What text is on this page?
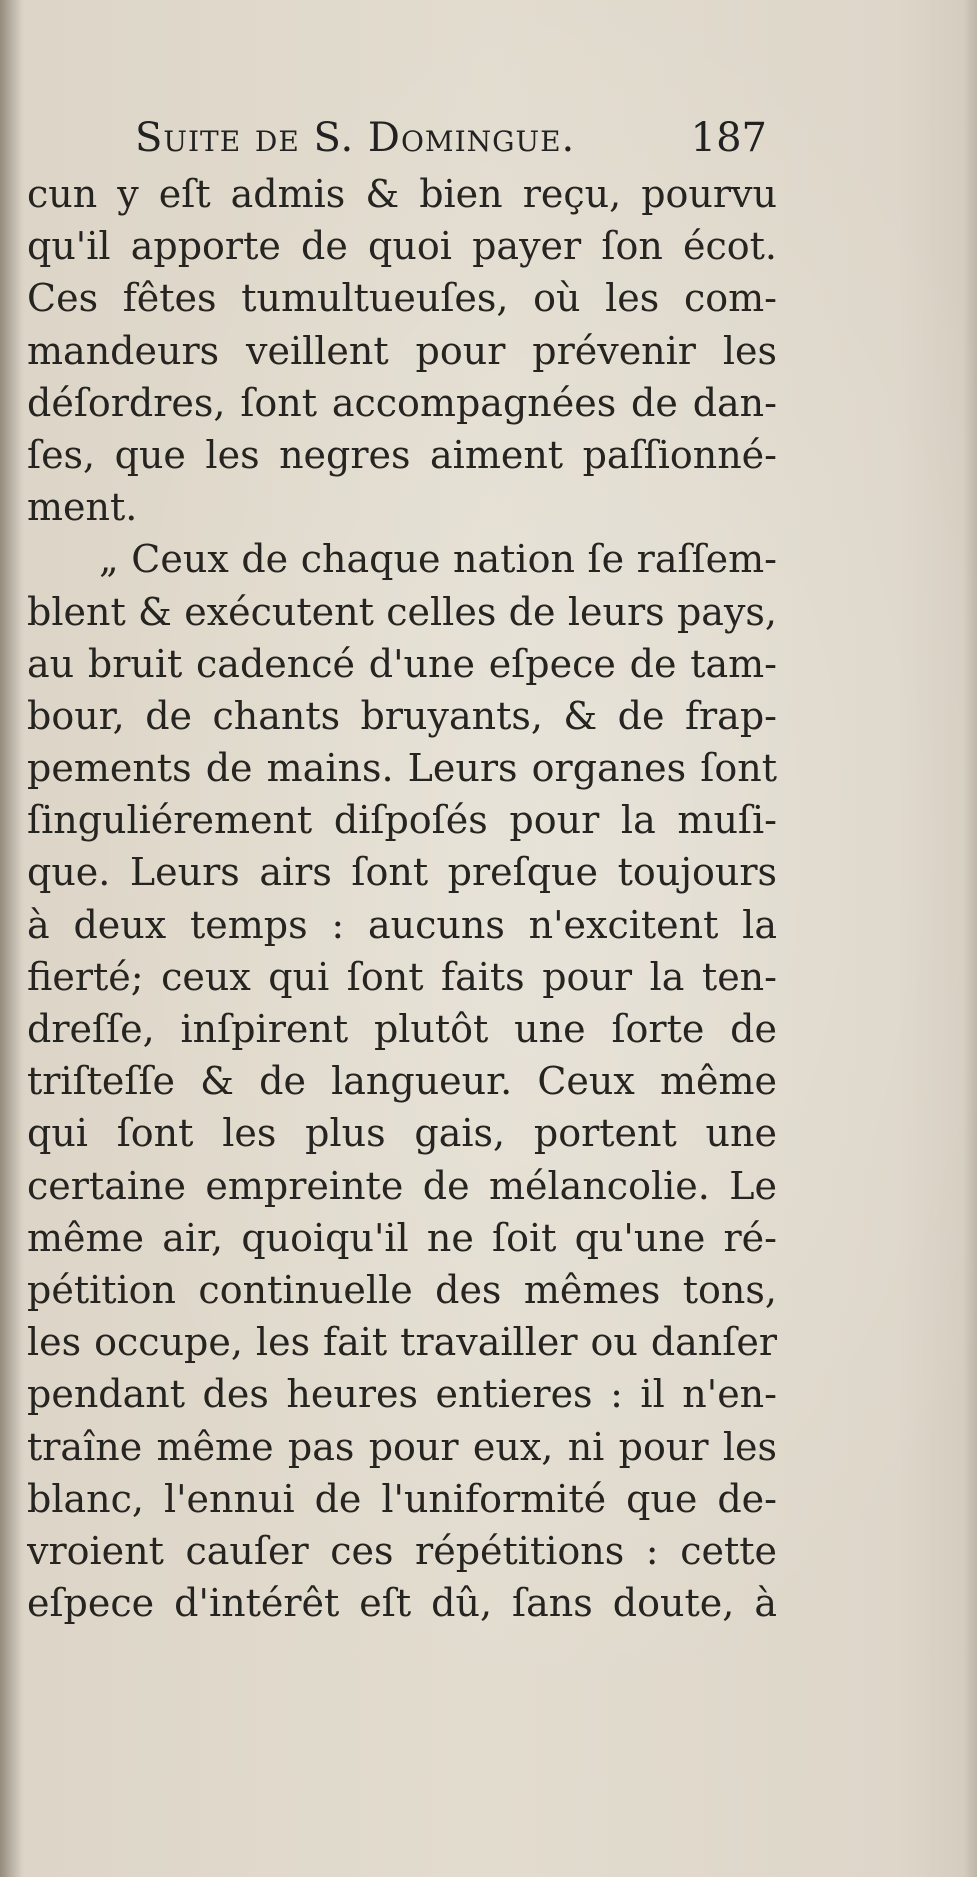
Suite de S. Domingue.	187
cun y eſt admis & bien reçu, pourvu
qu'il apporte de quoi payer ſon écot.
Ces fêtes tumultueuſes, où les com-
mandeurs veillent pour prévenir les
déſordres, ſont accompagnées de dan-
ſes, que les negres aiment paſſionné-
ment.
„ Ceux de chaque nation ſe raſſem-
blent & exécutent celles de leurs pays,
au bruit cadencé d'une eſpece de tam-
bour, de chants bruyants, & de frap-
pements de mains. Leurs organes ſont
ſinguliérement diſpoſés pour la muſi-
que. Leurs airs ſont preſque toujours
à deux temps : aucuns n'excitent la
fierté; ceux qui ſont faits pour la ten-
dreſſe, inſpirent plutôt une ſorte de
triſteſſe & de langueur. Ceux même
qui ſont les plus gais, portent une
certaine empreinte de mélancolie. Le
même air, quoiqu'il ne ſoit qu'une ré-
pétition continuelle des mêmes tons,
les occupe, les fait travailler ou danſer
pendant des heures entieres : il n'en-
traîne même pas pour eux, ni pour les
blanc, l'ennui de l'uniformité que de-
vroient cauſer ces répétitions : cette
eſpece d'intérêt eſt dû, ſans doute, à
